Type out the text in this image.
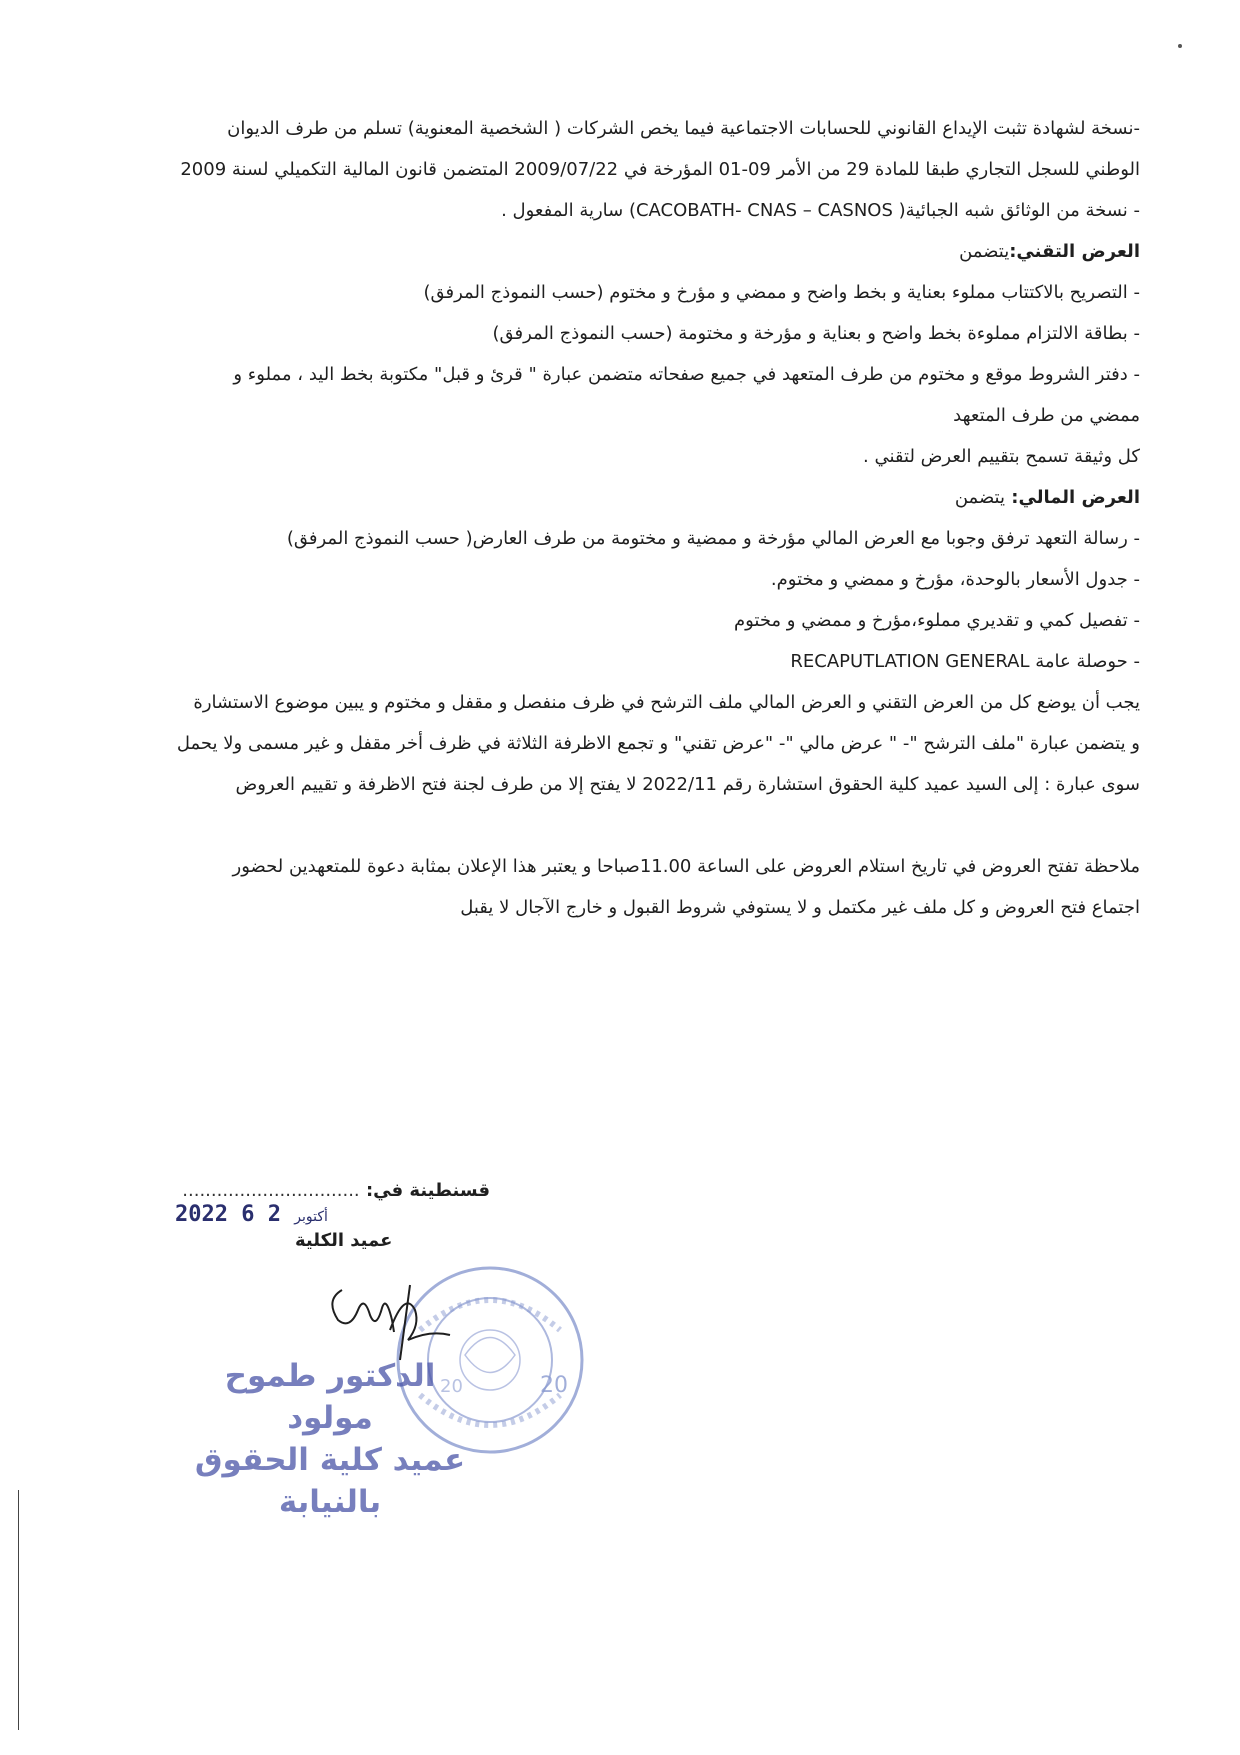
-نسخة لشهادة تثبت الإيداع القانوني للحسابات الاجتماعية فيما يخص الشركات ( الشخصية المعنوية) تسلم من طرف الديوان

الوطني للسجل التجاري طبقا للمادة 29 من الأمر 09-01 المؤرخة في 2009/07/22 المتضمن قانون المالية التكميلي لسنة 2009

- نسخة من الوثائق شبه الجبائية( CACOBATH- CNAS – CASNOS) سارية المفعول .

العرض التقني:يتضمن

- التصريح بالاكتتاب مملوء بعناية و بخط واضح و ممضي و مؤرخ و مختوم (حسب النموذج المرفق)

- بطاقة الالتزام مملوءة بخط واضح و بعناية و مؤرخة و مختومة (حسب النموذج المرفق)

- دفتر الشروط موقع و مختوم من طرف المتعهد في جميع صفحاته متضمن عبارة " قرئ و قبل" مكتوبة بخط اليد ، مملوء و

ممضي من طرف المتعهد

كل وثيقة تسمح بتقييم العرض لتقني .

العرض المالي: يتضمن

- رسالة التعهد ترفق وجوبا مع العرض المالي مؤرخة و ممضية و مختومة من طرف العارض( حسب النموذج المرفق)

- جدول الأسعار بالوحدة، مؤرخ و ممضي و مختوم.

- تفصيل كمي و تقديري مملوء،مؤرخ و ممضي و مختوم

- حوصلة عامة RECAPUTLATION GENERAL

يجب أن يوضع كل من العرض التقني و العرض المالي ملف الترشح في ظرف منفصل و مقفل و مختوم و يبين موضوع الاستشارة

و يتضمن عبارة "ملف الترشح "- " عرض مالي "- "عرض تقني" و تجمع الاظرفة الثلاثة في ظرف أخر مقفل و غير مسمى ولا يحمل

سوى عبارة : إلى السيد عميد كلية الحقوق استشارة رقم 2022/11 لا يفتح إلا من طرف لجنة فتح الاظرفة و تقييم العروض

ملاحظة تفتح العروض في تاريخ استلام العروض على الساعة 11.00صباحا و يعتبر هذا الإعلان بمثابة دعوة للمتعهدين لحضور

اجتماع فتح العروض و كل ملف غير مكتمل و لا يستوفي شروط القبول و خارج الآجال لا يقبل

قسنطينة في: ...............................
2022	أكتوبر 2 6
عميد الكلية
20
20
الدكتور طموح مولود
عميد كلية الحقوق بالنيابة
